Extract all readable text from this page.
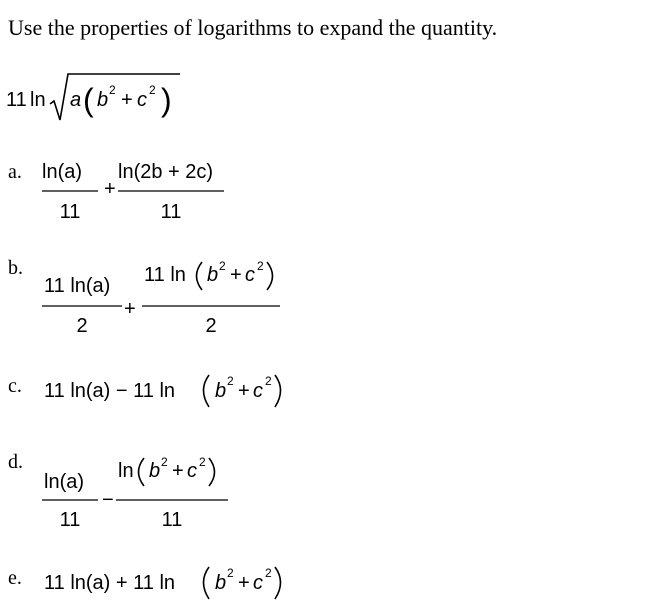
Use the properties of logarithms to expand the quantity.
11 ln a ( b 2 + c 2 )
a. ln(a)
11
+
ln(2b + 2c)
11
b.
11 ln(a)
2
+
11 ln b 2 + c 2
2
c. 11 ln(a) − 11 ln b 2 + c 2
d.
ln(a)
11
−
ln b 2 + c 2
11
e. 11 ln(a) + 11 ln b 2 + c 2
